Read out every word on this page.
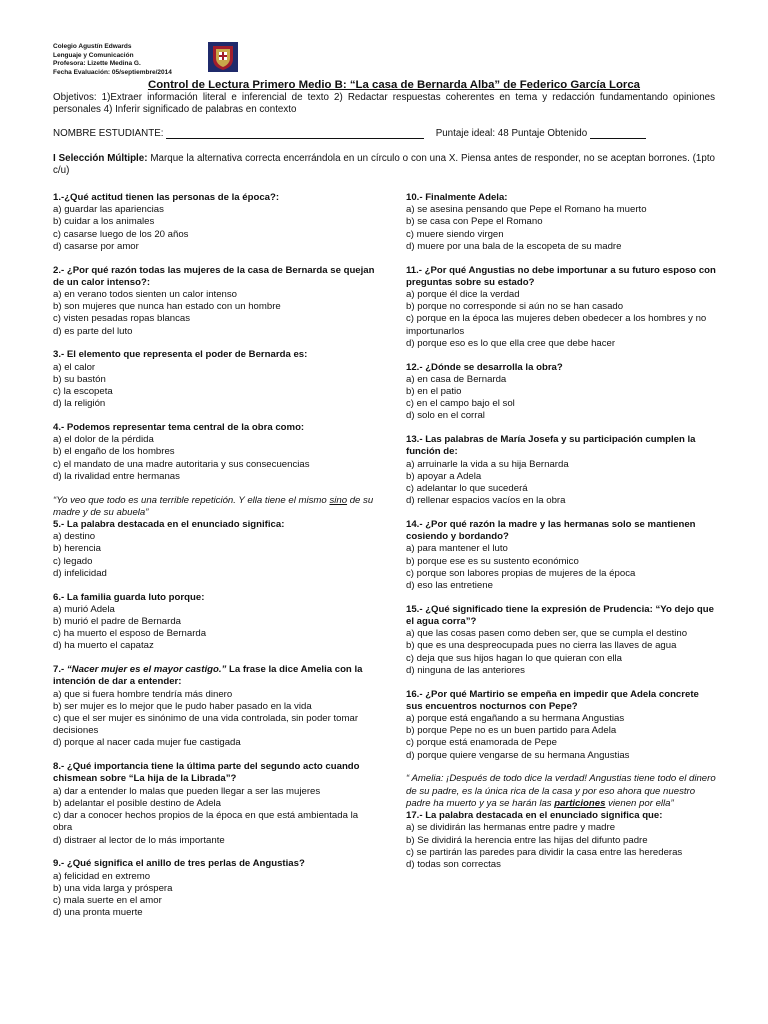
Colegio Agustín Edwards
Lenguaje y Comunicación
Profesora: Lizette Medina G.
Fecha Evaluación: 05/septiembre/2014
Control de Lectura Primero Medio B: “La casa de Bernarda Alba” de Federico García Lorca
Objetivos: 1)Extraer información literal e inferencial de texto 2) Redactar respuestas coherentes en tema y redacción fundamentando opiniones personales 4) Inferir significado de palabras en contexto
NOMBRE ESTUDIANTE:	Puntaje ideal: 48 Puntaje Obtenido
I Selección Múltiple: Marque la alternativa correcta encerrándola en un círculo o con una X. Piensa antes de responder, no se aceptan borrones. (1pto c/u)
1.-¿Qué actitud tienen las personas de la época?:
a) guardar las apariencias
b) cuidar a los animales
c) casarse luego de los 20 años
d) casarse por amor
2.- ¿Por qué razón todas las mujeres de la casa de Bernarda se quejan de un calor intenso?:
a) en verano todos sienten un calor intenso
b) son mujeres que nunca han estado con un hombre
c) visten pesadas ropas blancas
d) es parte del luto
3.- El elemento que representa el poder de Bernarda es:
a) el calor
b) su bastón
c) la escopeta
d) la religión
4.- Podemos representar tema central de la obra como:
a) el dolor de la pérdida
b) el engaño de los hombres
c) el mandato de una madre autoritaria y sus consecuencias
d) la rivalidad entre hermanas

“Yo veo que todo es una terrible repetición. Y ella tiene el mismo sino de su madre y de su abuela”

5.- La palabra destacada en el enunciado significa:
a) destino
b) herencia
c) legado
d) infelicidad
6.- La familia guarda luto porque:
a) murió Adela
b) murió el padre de Bernarda
c) ha muerto el esposo de Bernarda
d) ha muerto el capataz
7.- “Nacer mujer es el mayor castigo.” La frase la dice Amelia con la intención de dar a entender:
a) que si fuera hombre tendría más dinero
b) ser mujer es lo mejor que le pudo haber pasado en la vida
c) que el ser mujer es sinónimo de una vida controlada, sin poder tomar decisiones
d) porque al nacer cada mujer fue castigada
8.- ¿Qué importancia tiene la última parte del segundo acto cuando chismean sobre “La hija de la Librada”?
a) dar a entender lo malas que pueden llegar a ser las mujeres
b) adelantar el posible destino de Adela
c) dar a conocer hechos propios de la época en que está ambientada la obra
d) distraer al lector de lo más importante
9.- ¿Qué significa el anillo de tres perlas de Angustias?
a) felicidad en extremo
b) una vida larga y próspera
c) mala suerte en el amor
d) una pronta muerte
10.- Finalmente Adela:
a) se asesina pensando que Pepe el Romano ha muerto
b) se casa con Pepe el Romano
c) muere siendo virgen
d) muere por una bala de la escopeta de su madre
11.- ¿Por qué Angustias no debe importunar a su futuro esposo con preguntas sobre su estado?
a) porque él dice la verdad
b) porque no corresponde si aún no se han casado
c) porque en la época las mujeres deben obedecer a los hombres y no importunarlos
d) porque eso es lo que ella cree que debe hacer
12.- ¿Dónde se desarrolla la obra?
a) en casa de Bernarda
b) en el patio
c) en el campo bajo el sol
d) solo en el corral
13.- Las palabras de María Josefa y su participación cumplen la función de:
a) arruinarle la vida a su hija Bernarda
b) apoyar a Adela
c) adelantar lo que sucederá
d) rellenar espacios vacíos en la obra
14.- ¿Por qué razón la madre y las hermanas solo se mantienen cosiendo y bordando?
a) para mantener el luto
b) porque ese es su sustento económico
c) porque son labores propias de mujeres de la época
d) eso las entretiene
15.- ¿Qué significado tiene la expresión de Prudencia: “Yo dejo que el agua corra”?
a) que las cosas pasen como deben ser, que se cumpla el destino
b) que es una despreocupada pues no cierra las llaves de agua
c) deja que sus hijos hagan lo que quieran con ella
d) ninguna de las anteriores
16.- ¿Por qué Martirio se empeña en impedir que Adela concrete sus encuentros nocturnos con Pepe?
a) porque está engañando a su hermana Angustias
b) porque Pepe no es un buen partido para Adela
c) porque está enamorada de Pepe
d) porque quiere vengarse de su hermana Angustias

“ Amelia: ¡Después de todo dice la verdad! Angustias tiene todo el dinero de su padre, es la única rica de la casa y por eso ahora que nuestro padre ha muerto y ya se harán las particiones vienen por ella”

17.- La palabra destacada en el enunciado significa que:
a) se dividirán las hermanas entre padre y madre
b) Se dividirá la herencia entre las hijas del difunto padre
c) se partirán las paredes para dividir la casa entre las herederas
d) todas son correctas
